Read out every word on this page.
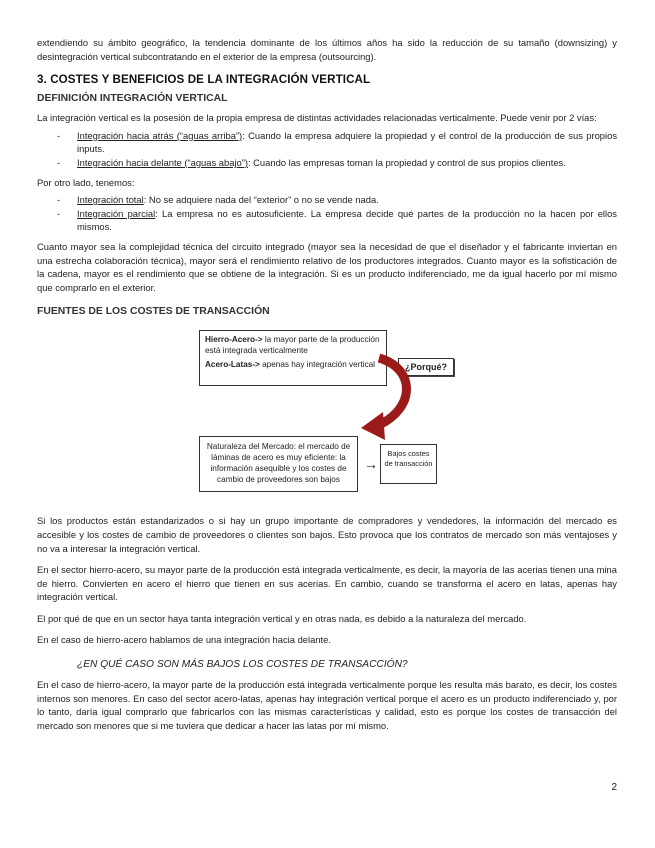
extendiendo su ámbito geográfico, la tendencia dominante de los últimos años ha sido la reducción de su tamaño (downsizing) y desintegración vertical subcontratando en el exterior de la empresa (outsourcing).

3. COSTES Y BENEFICIOS DE LA INTEGRACIÓN VERTICAL
DEFINICIÓN INTEGRACIÓN VERTICAL

La integración vertical es la posesión de la propia empresa de distintas actividades relacionadas verticalmente. Puede venir por 2 vías:

- Integración hacia atrás (“aguas arriba”): Cuando la empresa adquiere la propiedad y el control de la producción de sus propios inputs.
- Integración hacia delante (“aguas abajo”): Cuando las empresas toman la propiedad y control de sus propios clientes.

Por otro lado, tenemos:

- Integración total: No se adquiere nada del “exterior” o no se vende nada.
- Integración parcial: La empresa no es autosuficiente. La empresa decide qué partes de la producción no la hacen por ellos mismos.

Cuanto mayor sea la complejidad técnica del circuito integrado (mayor sea la necesidad de que el diseñador y el fabricante inviertan en una estrecha colaboración técnica), mayor será el rendimiento relativo de los productores integrados. Cuanto mayor es la sofisticación de la cadena, mayor es el rendimiento que se obtiene de la integración. Si es un producto indiferenciado, me da igual hacerlo por mí mismo que comprarlo en el exterior.

FUENTES DE LOS COSTES DE TRANSACCIÓN
Hierro-Acero-> la mayor parte de la producción está integrada verticalmente
Acero-Latas-> apenas hay integración vertical	¿Porqué?
Naturaleza del Mercado: el mercado de láminas de acero es muy eficiente: la información asequible y los costes de cambio de proveedores son bajos
→
Bajos costes de transacción

Si los productos están estandarizados o si hay un grupo importante de compradores y vendedores, la información del mercado es accesible y los costes de cambio de proveedores o clientes son bajos. Esto provoca que los contratos de mercado son más ventajoses y no va a interesar la integración vertical.

En el sector hierro-acero, su mayor parte de la producción está integrada verticalmente, es decir, la mayoría de las acerias tienen una mina de hierro. Convierten en acero el hierro que tienen en sus acerias. En cambio, cuando se transforma el acero en latas, apenas hay integración vertical.

El por qué de que en un sector haya tanta integración vertical y en otras nada, es debido a la naturaleza del mercado.

En el caso de hierro-acero hablamos de una integración hacia delante.

¿EN QUÉ CASO SON MÁS BAJOS LOS COSTES DE TRANSACCIÓN?

En el caso de hierro-acero, la mayor parte de la producción está integrada verticalmente porque les resulta más barato, es decir, los costes internos son menores. En caso del sector acero-latas, apenas hay integración vertical porque el acero es un producto indiferenciado y, por lo tanto, daría igual comprarlo que fabricarlos con las mismas características y calidad, esto es porque los costes de transacción del mercado son menores que si me tuviera que dedicar a hacer las latas por mí mismo.

2
